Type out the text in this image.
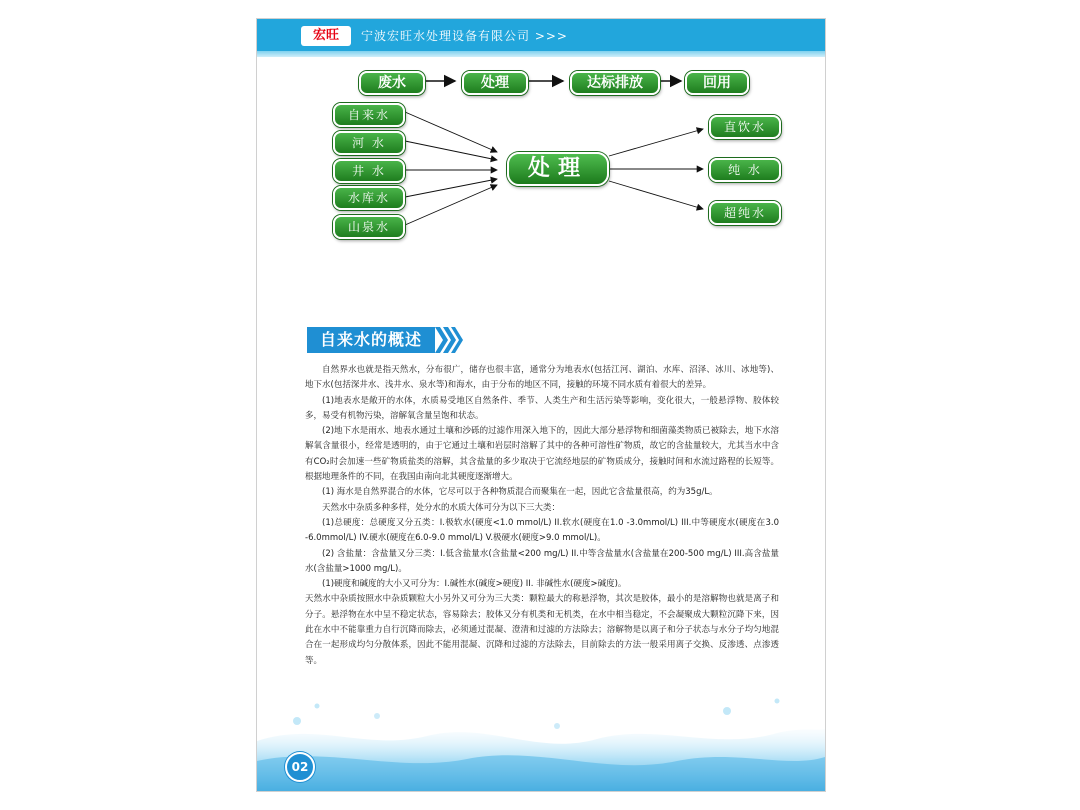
宏旺	宁波宏旺水处理设备有限公司 >>>
废水	处理	达标排放	回用
自来水
河 水
井 水
水库水
山泉水
处理
直饮水
纯 水
超纯水
自来水的概述

自然界水也就是指天然水，分布很广，储存也很丰富，通常分为地表水(包括江河、湖泊、水库、沼泽、冰川、冰地等)、地下水(包括深井水、浅井水、泉水等)和海水，由于分布的地区不同，接触的环境不同水质有着很大的差异。

(1)地表水是敞开的水体，水质易受地区自然条件、季节、人类生产和生活污染等影响，变化很大，一般悬浮物、胶体较多，易受有机物污染，溶解氧含量呈饱和状态。

(2)地下水是雨水、地表水通过土壤和沙砾的过滤作用深入地下的，因此大部分悬浮物和细菌藻类物质已被除去，地下水溶解氧含量很小，经常是透明的，由于它通过土壤和岩层时溶解了其中的各种可溶性矿物质，故它的含盐量较大，尤其当水中含有CO₂时会加速一些矿物质盐类的溶解，其含盐量的多少取决于它流经地层的矿物质成分，接触时间和水流过路程的长短等。根据地理条件的不同，在我国由南向北其硬度逐渐增大。

(1) 海水是自然界混合的水体，它尽可以于各种物质混合而聚集在一起，因此它含盐量很高，约为35g/L。

天然水中杂质多种多样，处分水的水质大体可分为以下三大类：

(1)总硬度：总硬度又分五类：I.极软水(硬度<1.0 mmol/L) II.软水(硬度在1.0 -3.0mmol/L) III.中等硬度水(硬度在3.0 -6.0mmol/L) IV.硬水(硬度在6.0-9.0 mmol/L) V.极硬水(硬度>9.0 mmol/L)。

(2) 含盐量：含盐量又分三类：I.低含盐量水(含盐量<200 mg/L) II.中等含盐量水(含盐量在200-500 mg/L) III.高含盐量水(含盐量>1000 mg/L)。

(1)硬度和碱度的大小又可分为：I.碱性水(碱度>硬度) II. 非碱性水(硬度>碱度)。

天然水中杂质按照水中杂质颗粒大小另外又可分为三大类：颗粒最大的称悬浮物，其次是胶体，最小的是溶解物也就是离子和分子。悬浮物在水中呈不稳定状态，容易除去；胶体又分有机类和无机类，在水中相当稳定，不会凝聚成大颗粒沉降下来，因此在水中不能靠重力自行沉降而除去，必须通过混凝、澄清和过滤的方法除去；溶解物是以离子和分子状态与水分子均匀地混合在一起形成均匀分散体系，因此不能用混凝、沉降和过滤的方法除去，目前除去的方法一般采用离子交换、反渗透、点渗透等。

02
